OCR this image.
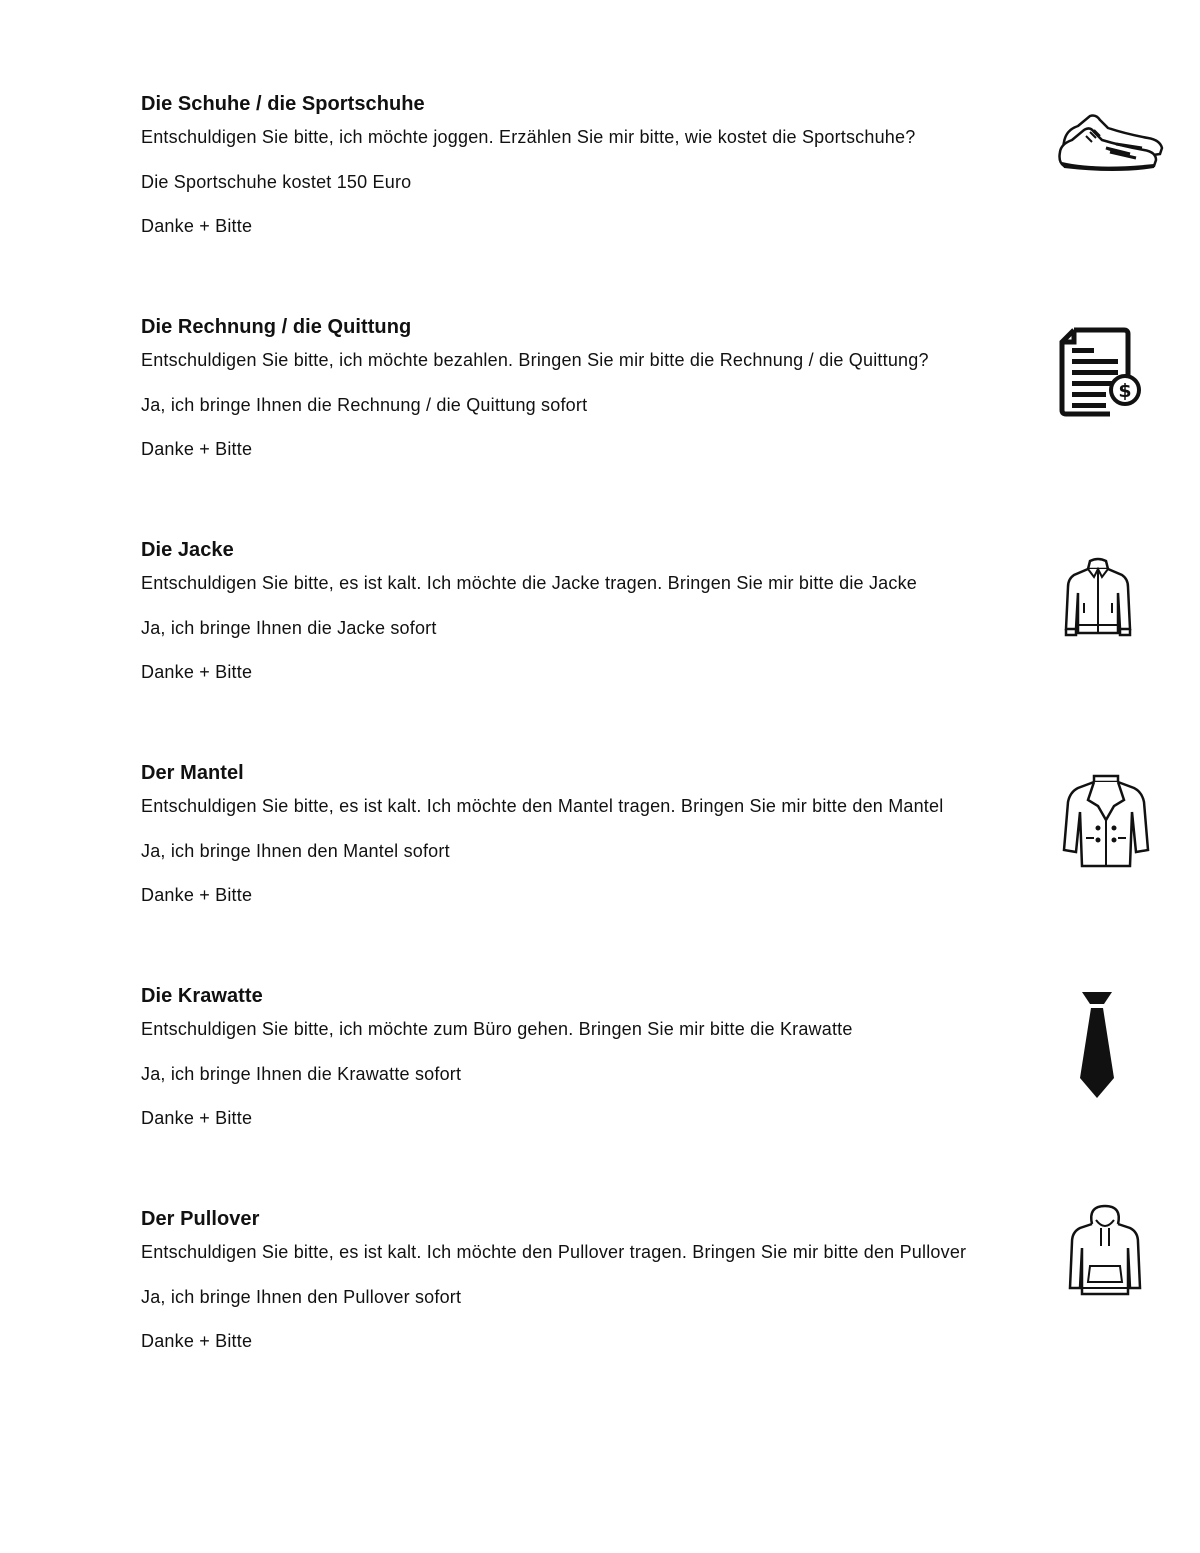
Die Schuhe / die Sportschuhe
Entschuldigen Sie bitte, ich möchte joggen. Erzählen Sie mir bitte, wie kostet die Sportschuhe?
Die Sportschuhe kostet 150 Euro
Danke + Bitte
Die Rechnung / die Quittung
Entschuldigen Sie bitte, ich möchte bezahlen. Bringen Sie mir bitte die Rechnung / die Quittung?
Ja, ich bringe Ihnen die Rechnung / die Quittung sofort
Danke + Bitte
$
Die Jacke
Entschuldigen Sie bitte, es ist kalt. Ich möchte die Jacke tragen. Bringen Sie mir bitte die Jacke
Ja, ich bringe Ihnen die Jacke sofort
Danke + Bitte
Der Mantel
Entschuldigen Sie bitte, es ist kalt. Ich möchte den Mantel tragen. Bringen Sie mir bitte den Mantel
Ja, ich bringe Ihnen den Mantel sofort
Danke + Bitte
Die Krawatte
Entschuldigen Sie bitte, ich möchte zum Büro gehen. Bringen Sie mir bitte die Krawatte
Ja, ich bringe Ihnen die Krawatte sofort
Danke + Bitte
Der Pullover
Entschuldigen Sie bitte, es ist kalt. Ich möchte den Pullover tragen. Bringen Sie mir bitte den Pullover
Ja, ich bringe Ihnen den Pullover sofort
Danke + Bitte
